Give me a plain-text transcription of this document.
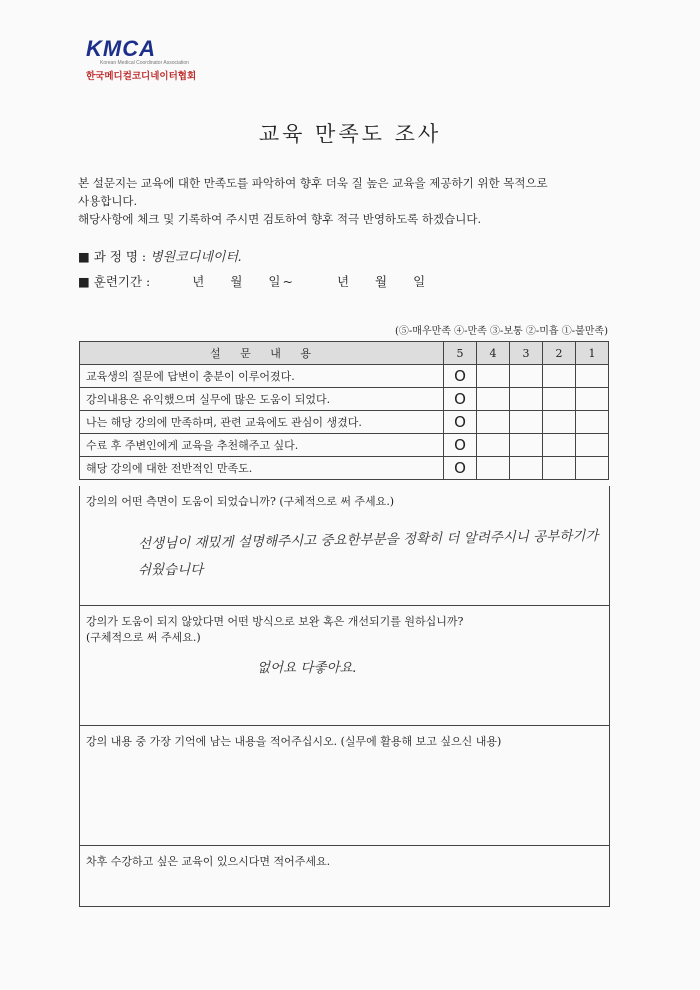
KMCA
Korean Medical Coordinator Association
한국메디컬코디네이터협회
교육 만족도 조사
본 설문지는 교육에 대한 만족도를 파악하여 향후 더욱 질 높은 교육을 제공하기 위한 목적으로
사용합니다.
해당사항에 체크 및 기록하여 주시면 검토하여 향후 적극 반영하도록 하겠습니다.
■ 과 정 명 : 병원코디네이터.
■ 훈련기간 :	년 월 일~	년 월 일
(⑤-매우만족 ④-만족 ③-보통 ②-미흡 ①-불만족)
설 문 내 용	5	4	3	2	1
교육생의 질문에 답변이 충분이 이루어졌다.	O				
강의내용은 유익했으며 실무에 많은 도움이 되었다.	O				
나는 해당 강의에 만족하며, 관련 교육에도 관심이 생겼다.	O				
수료 후 주변인에게 교육을 추천해주고 싶다.	O				
해당 강의에 대한 전반적인 만족도.	O				
강의의 어떤 측면이 도움이 되었습니까? (구체적으로 써 주세요.)
선생님이 재밌게 설명해주시고 중요한부분을 정확히 더 알려주시니 공부하기가
쉬웠습니다
강의가 도움이 되지 않았다면 어떤 방식으로 보완 혹은 개선되기를 원하십니까?
(구체적으로 써 주세요.)
없어요 다좋아요.
강의 내용 중 가장 기억에 남는 내용을 적어주십시오. (실무에 활용해 보고 싶으신 내용)
차후 수강하고 싶은 교육이 있으시다면 적어주세요.
